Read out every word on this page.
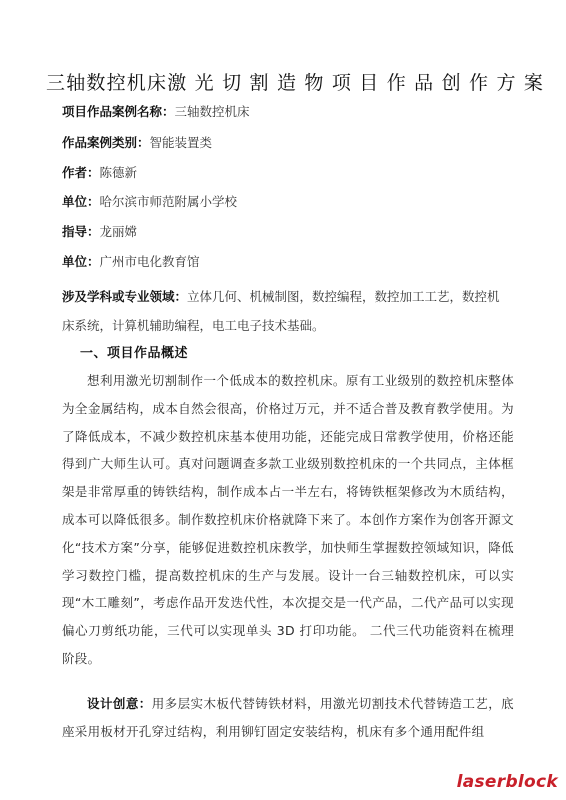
三轴数控机床激 光 切 割 造 物 项 目 作 品 创 作 方 案
项目作品案例名称：三轴数控机床
作品案例类别：智能装置类
作者：陈德新
单位：哈尔滨市师范附属小学校
指导：龙丽嫦
单位：广州市电化教育馆
涉及学科或专业领域：立体几何、机械制图，数控编程，数控加工工艺，数控机床系统，计算机辅助编程，电工电子技术基础。
一、项目作品概述
想利用激光切割制作一个低成本的数控机床。原有工业级别的数控机床整体为全金属结构，成本自然会很高，价格过万元，并不适合普及教育教学使用。为了降低成本，不减少数控机床基本使用功能，还能完成日常教学使用，价格还能得到广大师生认可。真对问题调查多款工业级别数控机床的一个共同点，主体框架是非常厚重的铸铁结构，制作成本占一半左右，将铸铁框架修改为木质结构，成本可以降低很多。制作数控机床价格就降下来了。本创作方案作为创客开源文化“技术方案”分享，能够促进数控机床教学，加快师生掌握数控领域知识，降低学习数控门槛，提高数控机床的生产与发展。设计一台三轴数控机床，可以实现“木工雕刻”，考虑作品开发迭代性，本次提交是一代产品，二代产品可以实现偏心刀剪纸功能，三代可以实现单头 3D 打印功能。 二代三代功能资料在梳理阶段。
设计创意：用多层实木板代替铸铁材料，用激光切割技术代替铸造工艺，底座采用板材开孔穿过结构，利用铆钉固定安装结构，机床有多个通用配件组
laserblock
